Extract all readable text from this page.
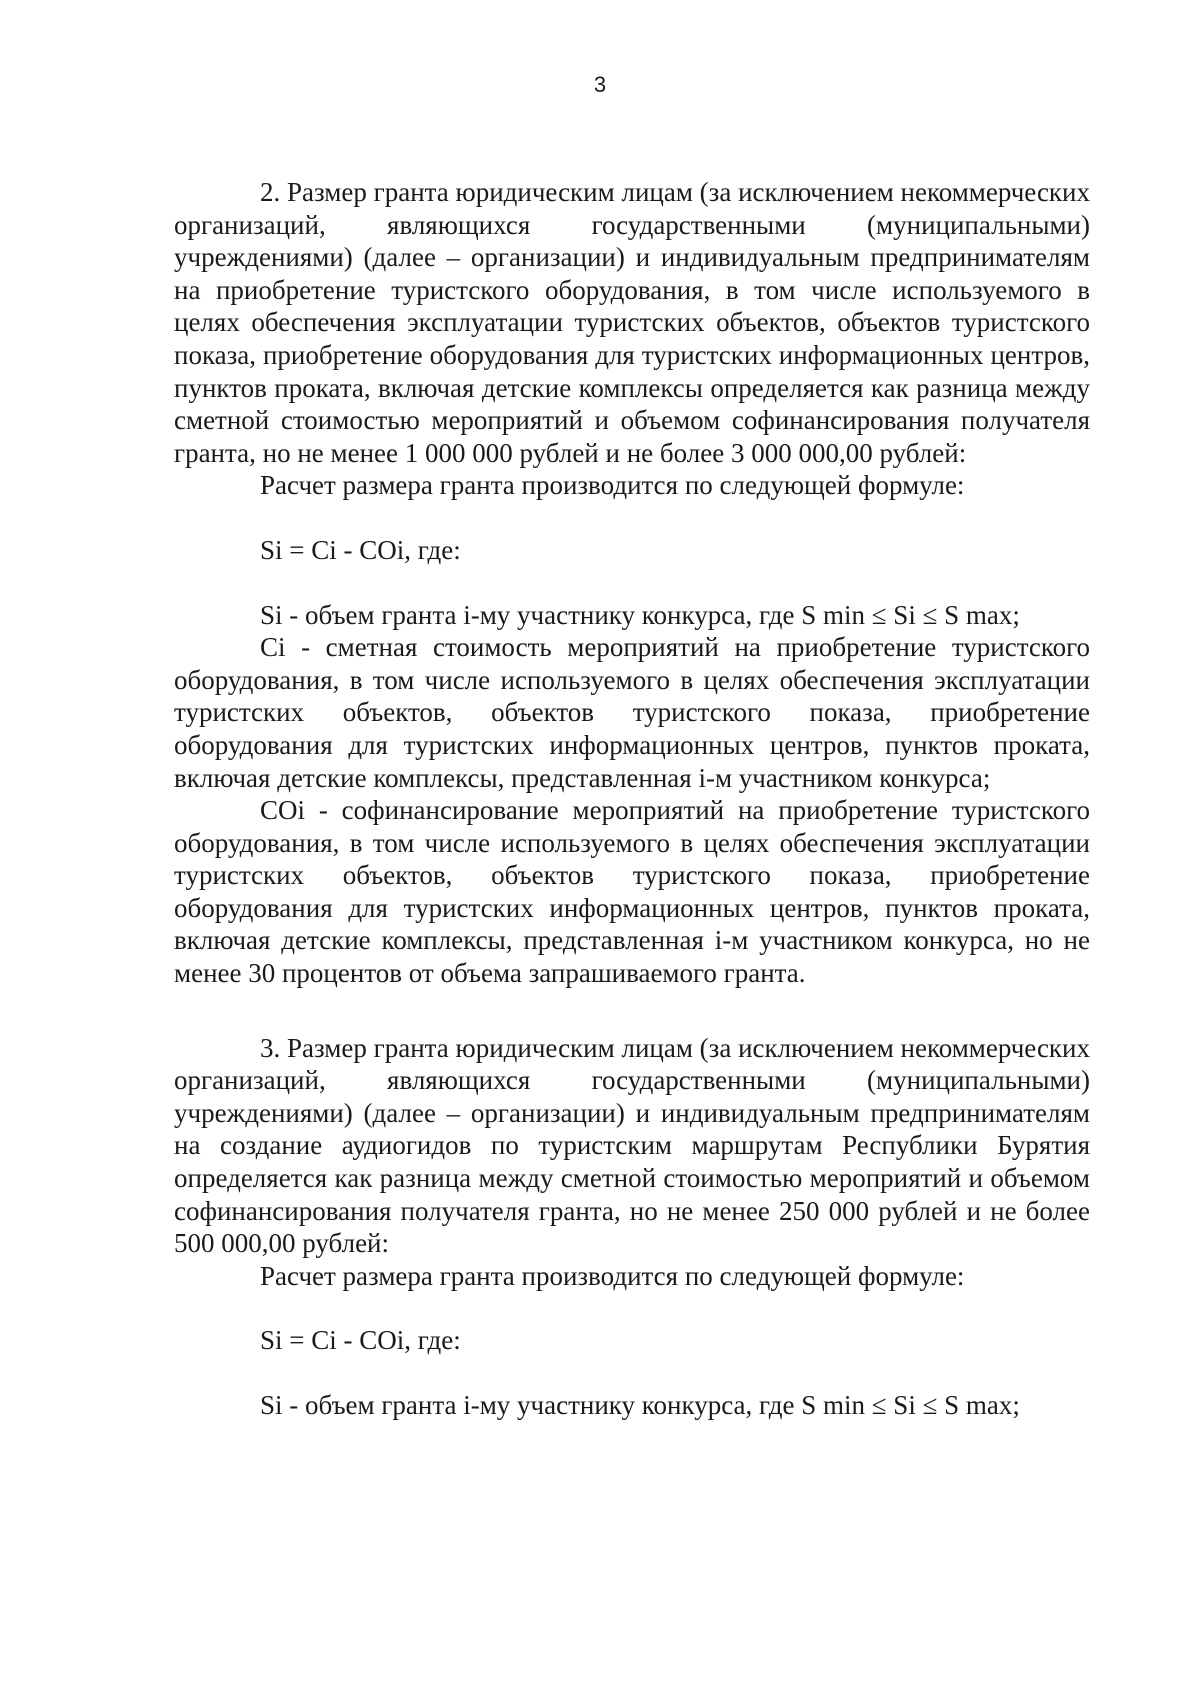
3

2. Размер гранта юридическим лицам (за исключением некоммерческих организаций, являющихся государственными (муниципальными) учреждениями) (далее – организации) и индивидуальным предпринимателям на приобретение туристского оборудования, в том числе используемого в целях обеспечения эксплуатации туристских объектов, объектов туристского показа, приобретение оборудования для туристских информационных центров, пунктов проката, включая детские комплексы определяется как разница между сметной стоимостью мероприятий и объемом софинансирования получателя гранта, но не менее 1 000 000 рублей и не более 3 000 000,00 рублей:

Расчет размера гранта производится по следующей формуле:

Si = Ci - COi, где:

Si - объем гранта i-му участнику конкурса, где S min ≤ Si ≤ S max;

Ci - сметная стоимость мероприятий на приобретение туристского оборудования, в том числе используемого в целях обеспечения эксплуатации туристских объектов, объектов туристского показа, приобретение оборудования для туристских информационных центров, пунктов проката, включая детские комплексы, представленная i-м участником конкурса;

COi - софинансирование мероприятий на приобретение туристского оборудования, в том числе используемого в целях обеспечения эксплуатации туристских объектов, объектов туристского показа, приобретение оборудования для туристских информационных центров, пунктов проката, включая детские комплексы, представленная i-м участником конкурса, но не менее 30 процентов от объема запрашиваемого гранта.

3. Размер гранта юридическим лицам (за исключением некоммерческих организаций, являющихся государственными (муниципальными) учреждениями) (далее – организации) и индивидуальным предпринимателям на создание аудиогидов по туристским маршрутам Республики Бурятия определяется как разница между сметной стоимостью мероприятий и объемом софинансирования получателя гранта, но не менее 250 000 рублей и не более 500 000,00 рублей:

Расчет размера гранта производится по следующей формуле:

Si = Ci - COi, где:

Si - объем гранта i-му участнику конкурса, где S min ≤ Si ≤ S max;
